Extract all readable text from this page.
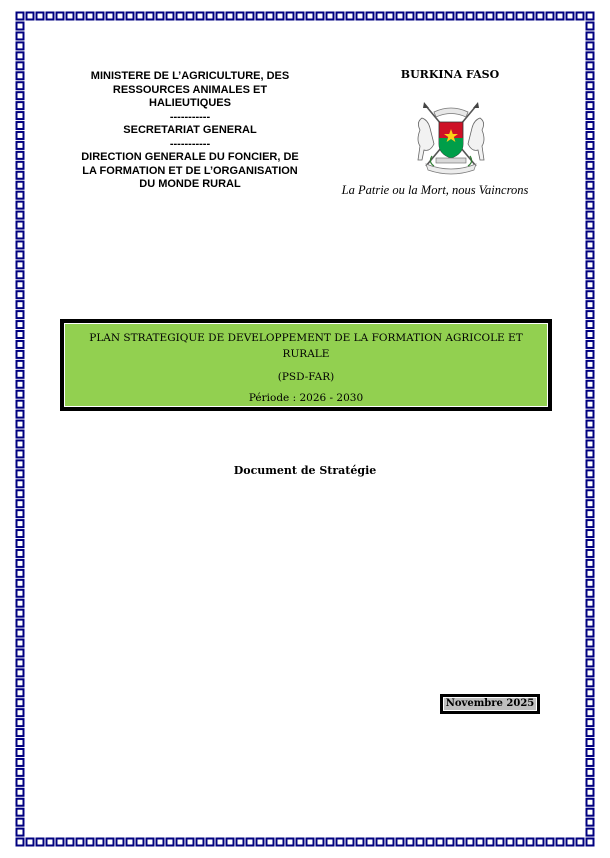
MINISTERE DE L’AGRICULTURE, DES
RESSOURCES ANIMALES ET
HALIEUTIQUES
-----------
SECRETARIAT GENERAL
-----------
DIRECTION GENERALE DU FONCIER, DE
LA FORMATION ET DE L’ORGANISATION
DU MONDE RURAL
BURKINA FASO
La Patrie ou la Mort, nous Vaincrons
PLAN STRATEGIQUE DE DEVELOPPEMENT DE LA FORMATION AGRICOLE ET RURALE
(PSD-FAR)
Période : 2026 - 2030
Document de Stratégie
Novembre 2025
